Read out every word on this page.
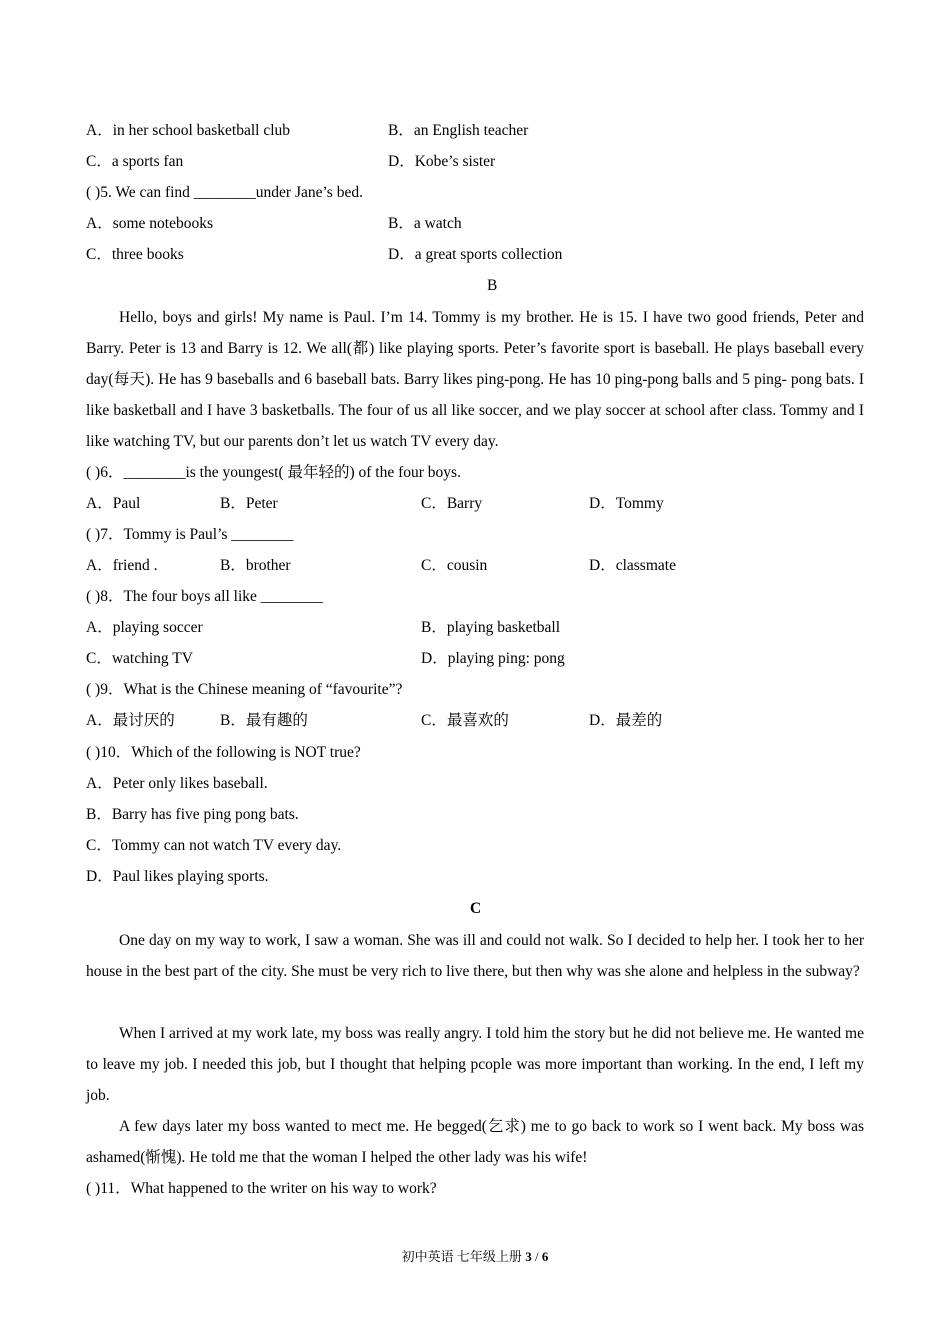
A．in her school basketball club	B．an English teacher
C．a sports fan	D．Kobe’s sister
( )5. We can find ________under Jane’s bed.
A．some notebooks	B．a watch
C．three books	D．a great sports collection
B
Hello, boys and girls! My name is Paul. I’m 14. Tommy is my brother. He is 15. I have two good friends, Peter and Barry. Peter is 13 and Barry is 12. We all(都) like playing sports. Peter’s favorite sport is baseball. He plays baseball every day(每天). He has 9 baseballs and 6 baseball bats. Barry likes ping-pong. He has 10 ping-pong balls and 5 ping- pong bats. I like basketball and I have 3 basketballs. The four of us all like soccer, and we play soccer at school after class. Tommy and I like watching TV, but our parents don’t let us watch TV every day.
( )6．________is the youngest( 最年轻的) of the four boys.
A．Paul	B．Peter	C．Barry	D．Tommy
( )7．Tommy is Paul’s ________
A．friend .	B．brother	C．cousin	D．classmate
( )8．The four boys all like ________
A．playing soccer	B．playing basketball
C．watching TV	D．playing ping: pong
( )9．What is the Chinese meaning of “favourite”?
A．最讨厌的	B．最有趣的	C．最喜欢的	D．最差的
( )10．Which of the following is NOT true?
A．Peter only likes baseball.
B．Barry has five ping pong bats.
C．Tommy can not watch TV every day.
D．Paul likes playing sports.
C
One day on my way to work, I saw a woman. She was ill and could not walk. So I decided to help her. I took her to her house in the best part of the city. She must be very rich to live there, but then why was she alone and helpless in the subway?
When I arrived at my work late, my boss was really angry. I told him the story but he did not believe me. He wanted me to leave my job. I needed this job, but I thought that helping pcople was more important than working. In the end, I left my job.
A few days later my boss wanted to mect me. He begged(乞求) me to go back to work so I went back. My boss was ashamed(惭愧). He told me that the woman I helped the other lady was his wife!
( )11．What happened to the writer on his way to work?
初中英语 七年级上册 3 / 6
